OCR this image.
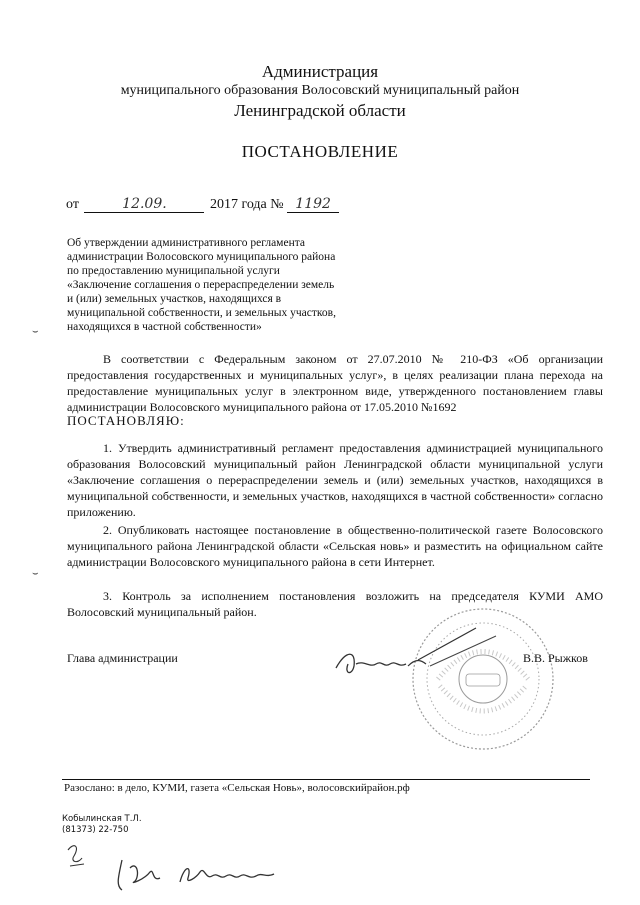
Администрация
муниципального образования Волосовский муниципальный район
Ленинградской области
ПОСТАНОВЛЕНИЕ
от	12.09.	2017 года № 1192
Об утверждении административного регламента администрации Волосовского муниципального района по предоставлению муниципальной услуги «Заключение соглашения о перераспределении земель и (или) земельных участков, находящихся в муниципальной собственности, и земельных участков, находящихся в частной собственности»
⌣
⌣
В соответствии с Федеральным законом от 27.07.2010 № 210-ФЗ «Об организации предоставления государственных и муниципальных услуг», в целях реализации плана перехода на предоставление муниципальных услуг в электронном виде, утвержденного постановлением главы администрации Волосовского муниципального района от 17.05.2010 №1692
ПОСТАНОВЛЯЮ:
1. Утвердить административный регламент предоставления администрацией муниципального образования Волосовский муниципальный район Ленинградской области муниципальной услуги «Заключение соглашения о перераспределении земель и (или) земельных участков, находящихся в муниципальной собственности, и земельных участков, находящихся в частной собственности» согласно приложению.
2. Опубликовать настоящее постановление в общественно-политической газете Волосовского муниципального района Ленинградской области «Сельская новь» и разместить на официальном сайте администрации Волосовского муниципального района в сети Интернет.
3. Контроль за исполнением постановления возложить на председателя КУМИ АМО Волосовский муниципальный район.
Глава администрации	В.В. Рыжков
Разослано: в дело, КУМИ, газета «Сельская Новь», волосовскийрайон.рф
Кобылинская Т.Л.
(81373) 22-750
